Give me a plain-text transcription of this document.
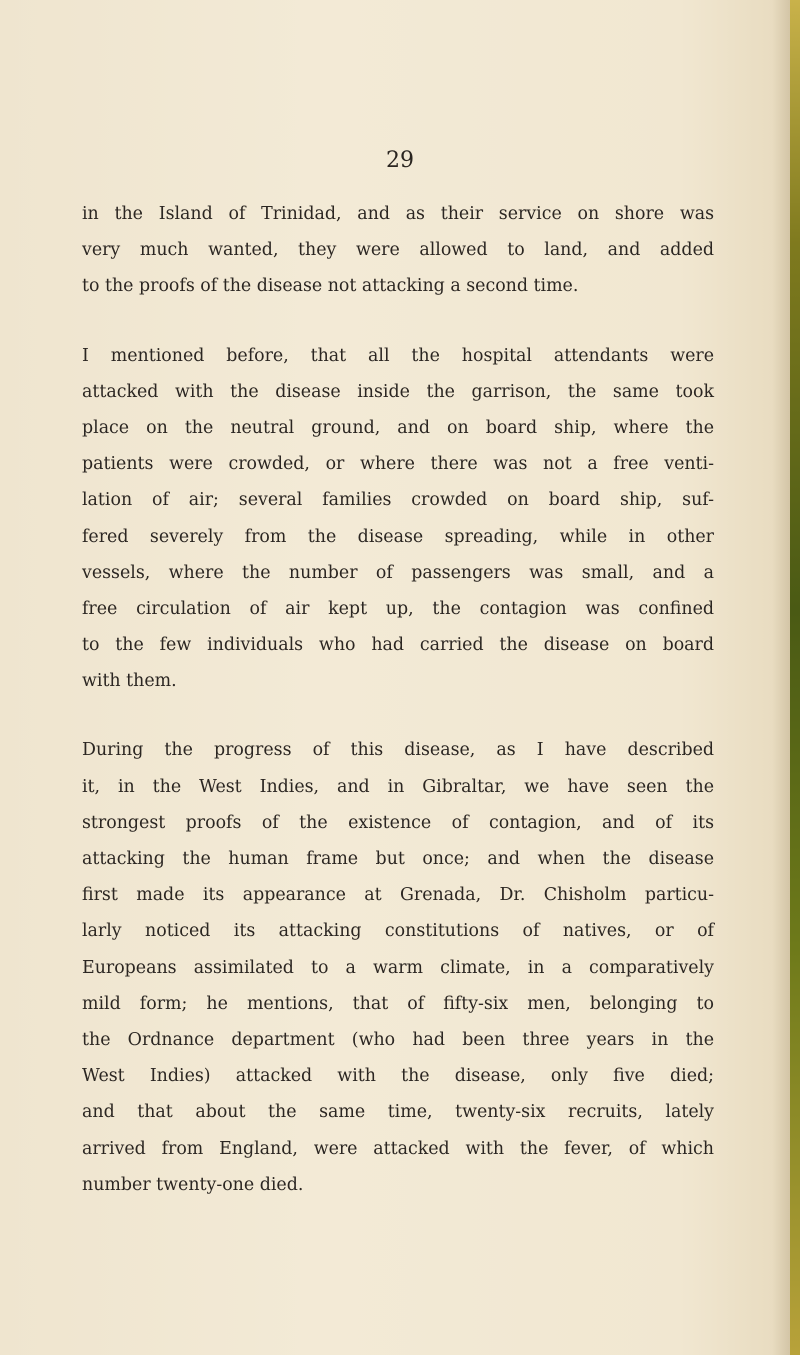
29
in the Island of Trinidad, and as their service on shore was
very much wanted, they were allowed to land, and added
to the proofs of the disease not attacking a second time.
I mentioned before, that all the hospital attendants were
attacked with the disease inside the garrison, the same took
place on the neutral ground, and on board ship, where the
patients were crowded, or where there was not a free venti-
lation of air; several families crowded on board ship, suf-
fered severely from the disease spreading, while in other
vessels, where the number of passengers was small, and a
free circulation of air kept up, the contagion was confined
to the few individuals who had carried the disease on board
with them.
During the progress of this disease, as I have described
it, in the West Indies, and in Gibraltar, we have seen the
strongest proofs of the existence of contagion, and of its
attacking the human frame but once; and when the disease
first made its appearance at Grenada, Dr. Chisholm particu-
larly noticed its attacking constitutions of natives, or of
Europeans assimilated to a warm climate, in a comparatively
mild form; he mentions, that of fifty-six men, belonging to
the Ordnance department (who had been three years in the
West Indies) attacked with the disease, only five died;
and that about the same time, twenty-six recruits, lately
arrived from England, were attacked with the fever, of which
number twenty-one died.
